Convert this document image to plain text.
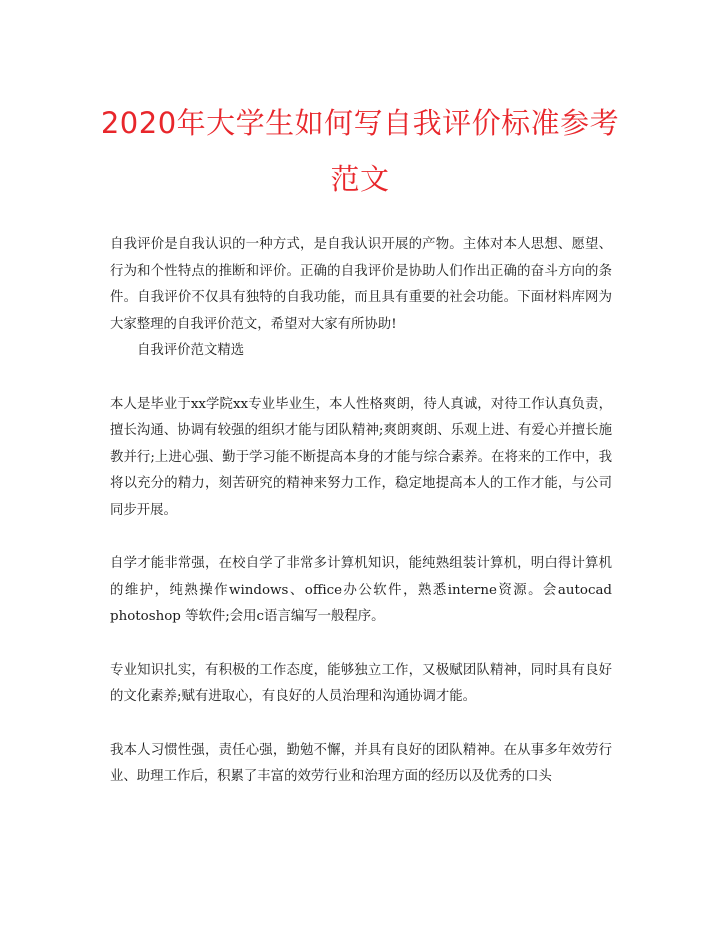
2020年大学生如何写自我评价标准参考范文

自我评价是自我认识的一种方式，是自我认识开展的产物。主体对本人思想、愿望、行为和个性特点的推断和评价。正确的自我评价是协助人们作出正确的奋斗方向的条件。自我评价不仅具有独特的自我功能，而且具有重要的社会功能。下面材料库网为大家整理的自我评价范文，希望对大家有所协助!

自我评价范文精选

本人是毕业于xx学院xx专业毕业生，本人性格爽朗，待人真诚，对待工作认真负责，擅长沟通、协调有较强的组织才能与团队精神;爽朗爽朗、乐观上进、有爱心并擅长施教并行;上进心强、勤于学习能不断提高本身的才能与综合素养。在将来的工作中，我将以充分的精力，刻苦研究的精神来努力工作，稳定地提高本人的工作才能，与公司同步开展。

自学才能非常强，在校自学了非常多计算机知识，能纯熟组装计算机，明白得计算机的维护，纯熟操作windows、office办公软件，熟悉interne资源。会autocad photoshop 等软件;会用c语言编写一般程序。

专业知识扎实，有积极的工作态度，能够独立工作，又极赋团队精神，同时具有良好的文化素养;赋有进取心，有良好的人员治理和沟通协调才能。

我本人习惯性强，责任心强，勤勉不懈，并具有良好的团队精神。在从事多年效劳行业、助理工作后，积累了丰富的效劳行业和治理方面的经历以及优秀的口头
